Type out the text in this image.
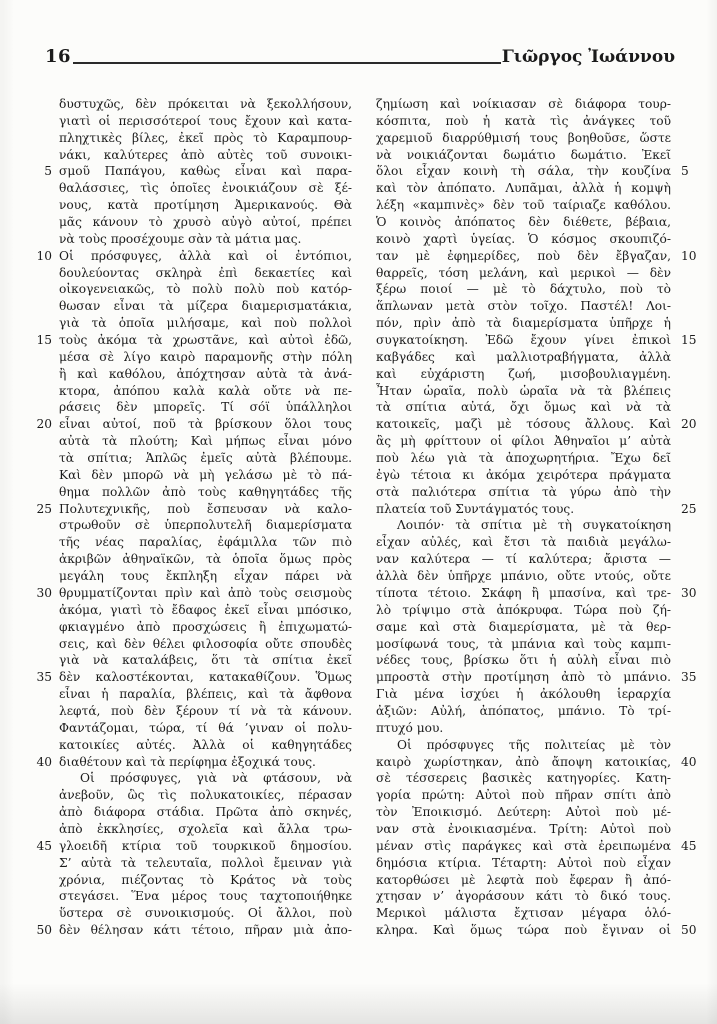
16	Γιῶργος Ἰωάννου
δυστυχῶς, δὲν πρόκειται νὰ ξεκολλήσουν,
γιατὶ οἱ περισσότεροί τους ἔχουν καὶ κατα-
πληχτικὲς βίλες, ἐκεῖ πρὸς τὸ Καραμπουρ-
νάκι, καλύτερες ἀπὸ αὐτὲς τοῦ συνοικι-
5 σμοῦ Παπάγου, καθὼς εἶναι καὶ παρα-
θαλάσσιες, τὶς ὁποῖες ἐνοικιάζουν σὲ ξέ-
νους, κατὰ προτίμηση Ἀμερικανούς. Θὰ
μᾶς κάνουν τὸ χρυσὸ αὐγὸ αὐτοί, πρέπει
νὰ τοὺς προσέχουμε σὰν τὰ μάτια μας.
10 Οἱ πρόσφυγες, ἀλλὰ καὶ οἱ ἐντόπιοι,
δουλεύοντας σκληρὰ ἐπὶ δεκαετίες καὶ
οἰκογενειακῶς, τὸ πολὺ πολὺ ποὺ κατόρ-
θωσαν εἶναι τὰ μίζερα διαμερισματάκια,
γιὰ τὰ ὁποῖα μιλήσαμε, καὶ ποὺ πολλοὶ
15 τοὺς ἀκόμα τὰ χρωστᾶνε, καὶ αὐτοὶ ἐδῶ,
μέσα σὲ λίγο καιρὸ παραμονῆς στὴν πόλη
ἢ καὶ καθόλου, ἀπόχτησαν αὐτὰ τὰ ἀνά-
κτορα, ἀπόπου καλὰ καλὰ οὔτε νὰ πε-
ράσεις δὲν μπορεῖς. Τί σόϊ ὑπάλληλοι
20 εἶναι αὐτοί, ποῦ τὰ βρίσκουν ὅλοι τους
αὐτὰ τὰ πλούτη; Καὶ μήπως εἶναι μόνο
τὰ σπίτια; Ἁπλῶς ἐμεῖς αὐτὰ βλέπουμε.
Καὶ δὲν μπορῶ νὰ μὴ γελάσω μὲ τὸ πά-
θημα πολλῶν ἀπὸ τοὺς καθηγητάδες τῆς
25 Πολυτεχνικῆς, ποὺ ἔσπευσαν νὰ καλο-
στρωθοῦν σὲ ὑπερπολυτελῆ διαμερίσματα
τῆς νέας παραλίας, ἐφάμιλλα τῶν πιὸ
ἀκριβῶν ἀθηναϊκῶν, τὰ ὁποῖα ὅμως πρὸς
μεγάλη τους ἔκπληξη εἶχαν πάρει νὰ
30 θρυμματίζονται πρὶν καὶ ἀπὸ τοὺς σεισμοὺς
ἀκόμα, γιατὶ τὸ ἔδαφος ἐκεῖ εἶναι μπόσικο,
φκιαγμένο ἀπὸ προσχώσεις ἢ ἐπιχωματώ-
σεις, καὶ δὲν θέλει φιλοσοφία οὔτε σπουδὲς
γιὰ νὰ καταλάβεις, ὅτι τὰ σπίτια ἐκεῖ
35 δὲν καλοστέκονται, κατακαθίζουν. Ὅμως
εἶναι ἡ παραλία, βλέπεις, καὶ τὰ ἄφθονα
λεφτά, ποὺ δὲν ξέρουν τί νὰ τὰ κάνουν.
Φαντάζομαι, τώρα, τί θά ’γιναν οἱ πολυ-
κατοικίες αὐτές. Ἀλλὰ οἱ καθηγητάδες
40 διαθέτουν καὶ τὰ περίφημα ἐξοχικά τους.
Οἱ πρόσφυγες, γιὰ νὰ φτάσουν, νὰ
ἀνεβοῦν, ὣς τὶς πολυκατοικίες, πέρασαν
ἀπὸ διάφορα στάδια. Πρῶτα ἀπὸ σκηνές,
ἀπὸ ἐκκλησίες, σχολεῖα καὶ ἄλλα τρω-
45 γλοειδῆ κτίρια τοῦ τουρκικοῦ δημοσίου.
Σ’ αὐτὰ τὰ τελευταῖα, πολλοὶ ἔμειναν γιὰ
χρόνια, πιέζοντας τὸ Κράτος νὰ τοὺς
στεγάσει. Ἕνα μέρος τους ταχτοποιήθηκε
ὕστερα σὲ συνοικισμούς. Οἱ ἄλλοι, ποὺ
50 δὲν θέλησαν κάτι τέτοιο, πῆραν μιὰ ἀπο-
ζημίωση καὶ νοίκιασαν σὲ διάφορα τουρ-
κόσπιτα, ποὺ ἡ κατὰ τὶς ἀνάγκες τοῦ
χαρεμιοῦ διαρρύθμισή τους βοηθοῦσε, ὥστε
νὰ νοικιάζονται δωμάτιο δωμάτιο. Ἐκεῖ
5
ὅλοι εἶχαν κοινὴ τὴ σάλα, τὴν κουζίνα
καὶ τὸν ἀπόπατο. Λυπᾶμαι, ἀλλὰ ἡ κομψὴ
λέξη «καμπινὲς» δὲν τοῦ ταίριαζε καθόλου.
Ὁ κοινὸς ἀπόπατος δὲν διέθετε, βέβαια,
κοινὸ χαρτὶ ὑγείας. Ὁ κόσμος σκουπιζό-
10
ταν μὲ ἐφημερίδες, ποὺ δὲν ἔβγαζαν,
θαρρεῖς, τόση μελάνη, καὶ μερικοὶ — δὲν
ξέρω ποιοί — μὲ τὸ δάχτυλο, ποὺ τὸ
ἅπλωναν μετὰ στὸν τοῖχο. Παστέλ! Λοι-
πόν, πρὶν ἀπὸ τὰ διαμερίσματα ὑπῆρχε ἡ
15
συγκατοίκηση. Ἐδῶ ἔχουν γίνει ἐπικοὶ
καβγάδες καὶ μαλλιοτραβήγματα, ἀλλὰ
καὶ εὐχάριστη ζωή, μισοβουλιαγμένη.
Ἦταν ὡραῖα, πολὺ ὡραῖα νὰ τὰ βλέπεις
τὰ σπίτια αὐτά, ὄχι ὅμως καὶ νὰ τὰ
20
κατοικεῖς, μαζὶ μὲ τόσους ἄλλους. Καὶ
ἂς μὴ φρίττουν οἱ φίλοι Ἀθηναῖοι μ’ αὐτὰ
ποὺ λέω γιὰ τὰ ἀποχωρητήρια. Ἔχω δεῖ
ἐγὼ τέτοια κι ἀκόμα χειρότερα πράγματα
στὰ παλιότερα σπίτια τὰ γύρω ἀπὸ τὴν
25
πλατεία τοῦ Συντάγματός τους.
Λοιπόν· τὰ σπίτια μὲ τὴ συγκατοίκηση
εἶχαν αὐλές, καὶ ἔτσι τὰ παιδιὰ μεγάλω-
ναν καλύτερα — τί καλύτερα; ἄριστα —
ἀλλὰ δὲν ὑπῆρχε μπάνιο, οὔτε ντούς, οὔτε
30
τίποτα τέτοιο. Σκάφη ἢ μπασίνα, καὶ τρε-
λὸ τρίψιμο στὰ ἀπόκρυφα. Τώρα ποὺ ζή-
σαμε καὶ στὰ διαμερίσματα, μὲ τὰ θερ-
μοσίφωνά τους, τὰ μπάνια καὶ τοὺς καμπι-
νέδες τους, βρίσκω ὅτι ἡ αὐλὴ εἶναι πιὸ
35
μπροστὰ στὴν προτίμηση ἀπὸ τὸ μπάνιο.
Γιὰ μένα ἰσχύει ἡ ἀκόλουθη ἱεραρχία
ἀξιῶν: Αὐλή, ἀπόπατος, μπάνιο. Τὸ τρί-
πτυχό μου.
Οἱ πρόσφυγες τῆς πολιτείας μὲ τὸν
40
καιρὸ χωρίστηκαν, ἀπὸ ἄποψη κατοικίας,
σὲ τέσσερεις βασικὲς κατηγορίες. Κατη-
γορία πρώτη: Αὐτοὶ ποὺ πῆραν σπίτι ἀπὸ
τὸν Ἐποικισμό. Δεύτερη: Αὐτοὶ ποὺ μέ-
ναν στὰ ἐνοικιασμένα. Τρίτη: Αὐτοὶ ποὺ
45
μέναν στὶς παράγκες καὶ στὰ ἐρειπωμένα
δημόσια κτίρια. Τέταρτη: Αὐτοὶ ποὺ εἶχαν
κατορθώσει μὲ λεφτὰ ποὺ ἔφεραν ἢ ἀπό-
χτησαν ν’ ἀγοράσουν κάτι τὸ δικό τους.
Μερικοὶ μάλιστα ἔχτισαν μέγαρα ὁλό-
50
κληρα. Καὶ ὅμως τώρα ποὺ ἔγιναν οἱ
